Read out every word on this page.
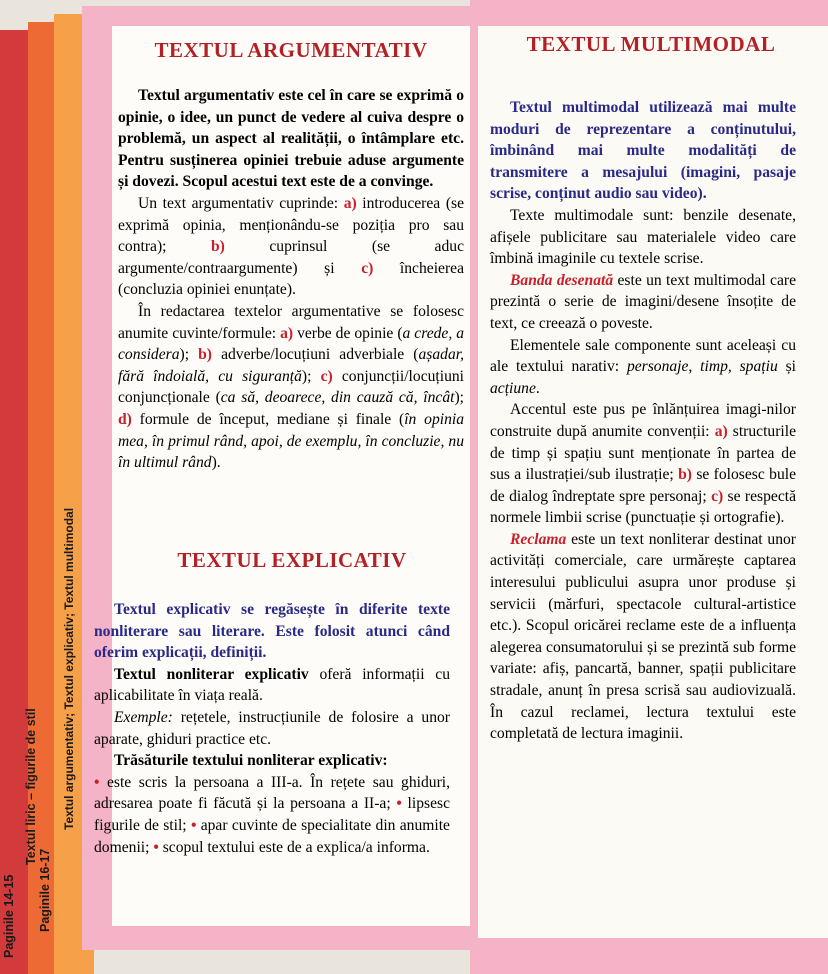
Paginile 14-15
Textul liric – figurile de stil
Paginile 16-17
Textul argumentativ; Textul explicativ; Textul multimodal
TEXTUL ARGUMENTATIV

Textul argumentativ este cel în care se exprimă o opinie, o idee, un punct de vedere al cuiva despre o problemă, un aspect al realității, o întâmplare etc. Pentru susținerea opiniei trebuie aduse argumente și dovezi. Scopul acestui text este de a convinge.

Un text argumentativ cuprinde: a) introducerea (se exprimă opinia, menționându-se poziția pro sau contra); b) cuprinsul (se aduc argumente/contraargumente) și c) încheierea (concluzia opiniei enunțate).

În redactarea textelor argumentative se folosesc anumite cuvinte/formule: a) verbe de opinie (a crede, a considera); b) adverbe/locuțiuni adverbiale (așadar, fără îndoială, cu siguranță); c) conjuncții/locuțiuni conjuncționale (ca să, deoarece, din cauză că, încât); d) formule de început, mediane și finale (în opinia mea, în primul rând, apoi, de exemplu, în concluzie, nu în ultimul rând).

TEXTUL EXPLICATIV

Textul explicativ se regăsește în diferite texte nonliterare sau literare. Este folosit atunci când oferim explicații, definiții.

Textul nonliterar explicativ oferă informații cu aplicabilitate în viața reală.

Exemple: rețetele, instrucțiunile de folosire a unor aparate, ghiduri practice etc.

Trăsăturile textului nonliterar explicativ:

• este scris la persoana a III-a. În rețete sau ghiduri, adresarea poate fi făcută și la persoana a II-a; • lipsesc figurile de stil; • apar cuvinte de specialitate din anumite domenii; • scopul textului este de a explica/a informa.

TEXTUL MULTIMODAL

Textul multimodal utilizează mai multe moduri de reprezentare a conținutului, îmbinând mai multe modalități de transmitere a mesajului (imagini, pasaje scrise, conținut audio sau video).

Texte multimodale sunt: benzile desenate, afișele publicitare sau materialele video care îmbină imaginile cu textele scrise.

Banda desenată este un text multimodal care prezintă o serie de imagini/desene însoțite de text, ce creează o poveste.

Elementele sale componente sunt aceleași cu ale textului narativ: personaje, timp, spațiu și acțiune.

Accentul este pus pe înlănțuirea imagi-nilor construite după anumite convenții: a) structurile de timp și spațiu sunt menționate în partea de sus a ilustrației/sub ilustrație; b) se folosesc bule de dialog îndreptate spre personaj; c) se respectă normele limbii scrise (punctuație și ortografie).

Reclama este un text nonliterar destinat unor activități comerciale, care urmărește captarea interesului publicului asupra unor produse și servicii (mărfuri, spectacole cultural-artistice etc.). Scopul oricărei reclame este de a influența alegerea consumatorului și se prezintă sub forme variate: afiș, pancartă, banner, spații publicitare stradale, anunț în presa scrisă sau audiovizuală. În cazul reclamei, lectura textului este completată de lectura imaginii.
